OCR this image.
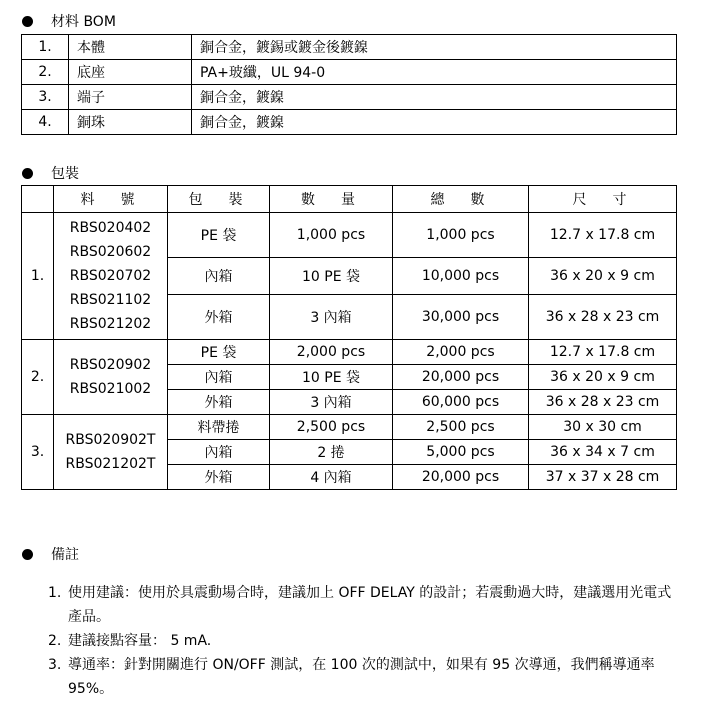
材料 BOM
1.	本體	銅合金，鍍錫或鍍金後鍍鎳
2.	底座	PA+玻纖，UL 94-0
3.	端子	銅合金，鍍鎳
4.	銅珠	銅合金，鍍鎳
包裝
	料　號	包　裝	數　量	總　數	尺　寸
1.	RBS020402
RBS020602
RBS020702
RBS021102
RBS021202	PE 袋	1,000 pcs	1,000 pcs	12.7 x 17.8 cm
		內箱	10 PE 袋	10,000 pcs	36 x 20 x 9 cm
		外箱	3 內箱	30,000 pcs	36 x 28 x 23 cm
2.	RBS020902
RBS021002	PE 袋	2,000 pcs	2,000 pcs	12.7 x 17.8 cm
		內箱	10 PE 袋	20,000 pcs	36 x 20 x 9 cm
		外箱	3 內箱	60,000 pcs	36 x 28 x 23 cm
3.	RBS020902T
RBS021202T	料帶捲	2,500 pcs	2,500 pcs	30 x 30 cm
		內箱	2 捲	5,000 pcs	36 x 34 x 7 cm
		外箱	4 內箱	20,000 pcs	37 x 37 x 28 cm
備註
1. 使用建議：使用於具震動場合時，建議加上 OFF DELAY 的設計；若震動過大時，建議選用光電式產品。
2. 建議接點容量： 5 mA.
3. 導通率：針對開關進行 ON/OFF 測試，在 100 次的測試中，如果有 95 次導通，我們稱導通率 95%。
